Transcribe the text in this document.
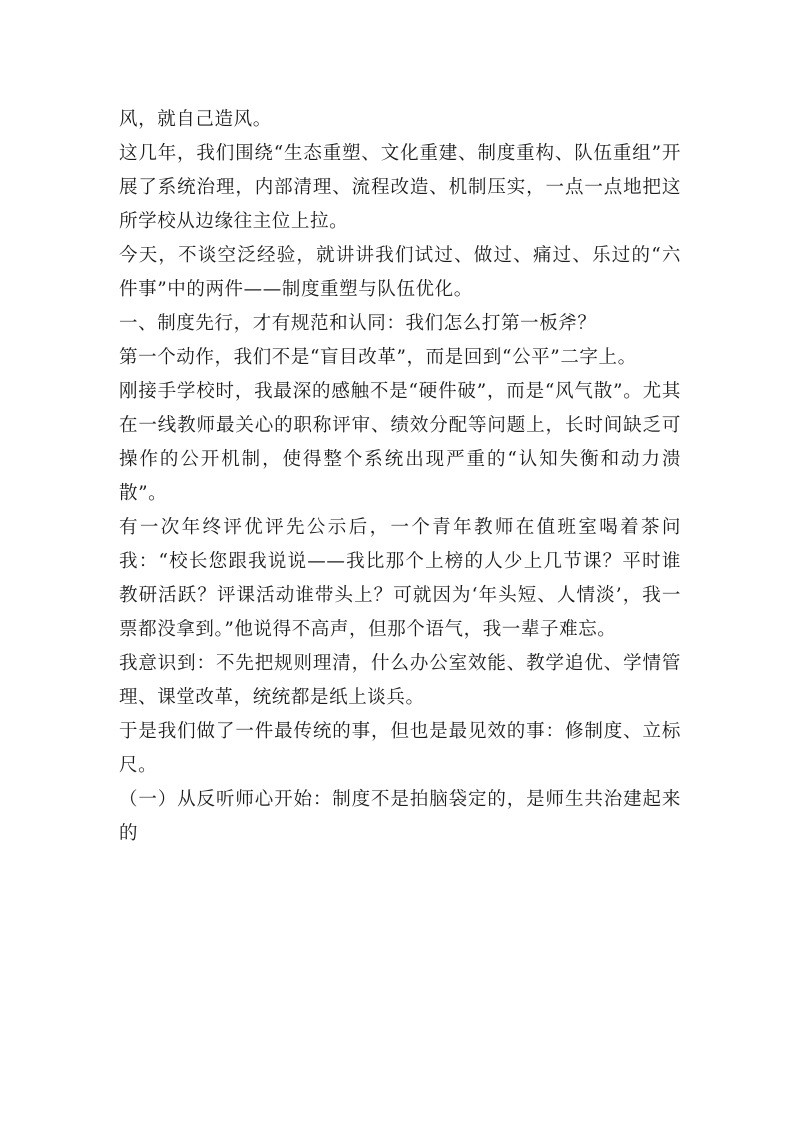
风，就自己造风。

这几年，我们围绕“生态重塑、文化重建、制度重构、队伍重组”开展了系统治理，内部清理、流程改造、机制压实，一点一点地把这所学校从边缘往主位上拉。

今天，不谈空泛经验，就讲讲我们试过、做过、痛过、乐过的“六件事”中的两件——制度重塑与队伍优化。

一、制度先行，才有规范和认同：我们怎么打第一板斧？

第一个动作，我们不是“盲目改革”，而是回到“公平”二字上。

刚接手学校时，我最深的感触不是“硬件破”，而是“风气散”。尤其在一线教师最关心的职称评审、绩效分配等问题上，长时间缺乏可操作的公开机制，使得整个系统出现严重的“认知失衡和动力溃散”。

有一次年终评优评先公示后，一个青年教师在值班室喝着茶问我：“校长您跟我说说——我比那个上榜的人少上几节课？平时谁教研活跃？评课活动谁带头上？可就因为‘年头短、人情淡’，我一票都没拿到。”他说得不高声，但那个语气，我一辈子难忘。

我意识到：不先把规则理清，什么办公室效能、教学追优、学情管理、课堂改革，统统都是纸上谈兵。

于是我们做了一件最传统的事，但也是最见效的事：修制度、立标尺。

（一）从反听师心开始：制度不是拍脑袋定的，是师生共治建起来的
